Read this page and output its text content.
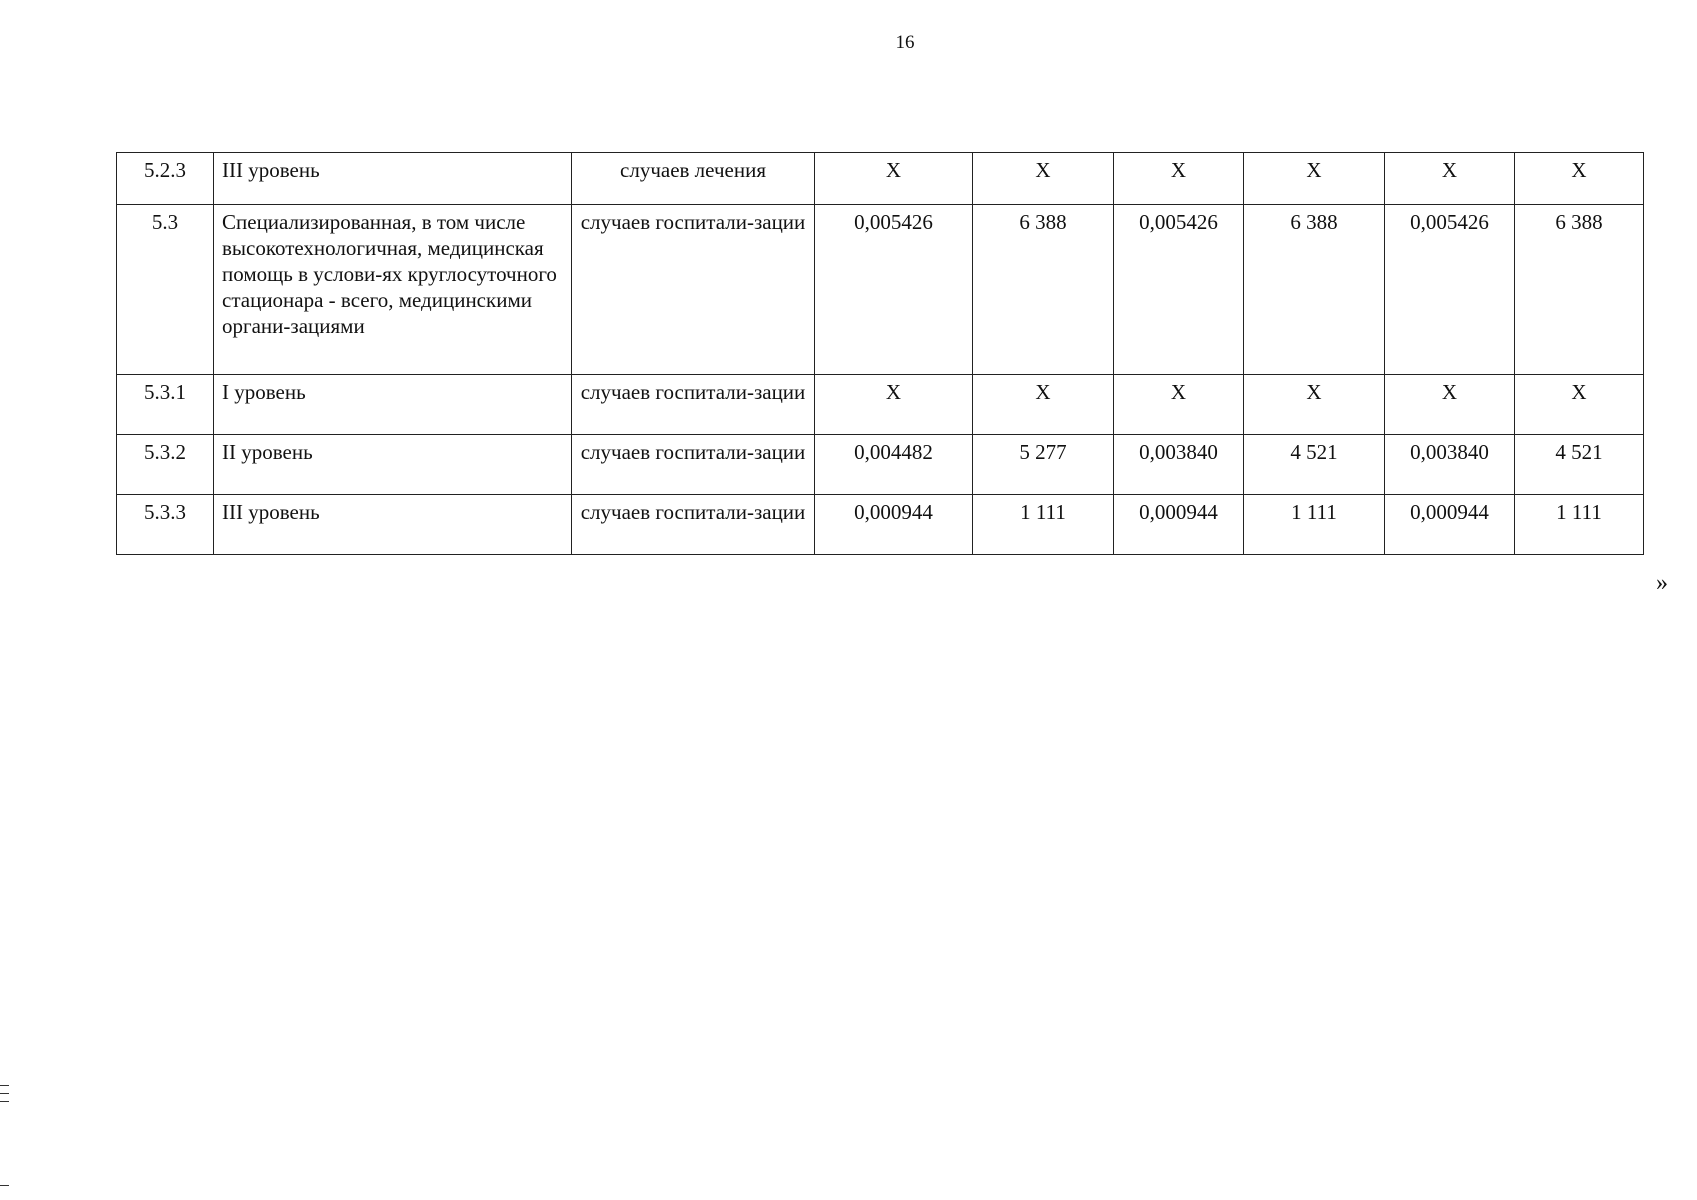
16
5.2.3	III уровень	случаев лечения	Х	Х	Х	Х	Х	Х
5.3	Специализированная, в том числе высокотехнологичная, медицинская помощь в услови-ях круглосуточного стационара - всего, медицинскими органи-зациями	случаев госпитали-зации	0,005426	6 388	0,005426	6 388	0,005426	6 388
5.3.1	I уровень	случаев госпитали-зации	Х	Х	Х	Х	Х	Х
5.3.2	II уровень	случаев госпитали-зации	0,004482	5 277	0,003840	4 521	0,003840	4 521
5.3.3	III уровень	случаев госпитали-зации	0,000944	1 111	0,000944	1 111	0,000944	1 111
»
